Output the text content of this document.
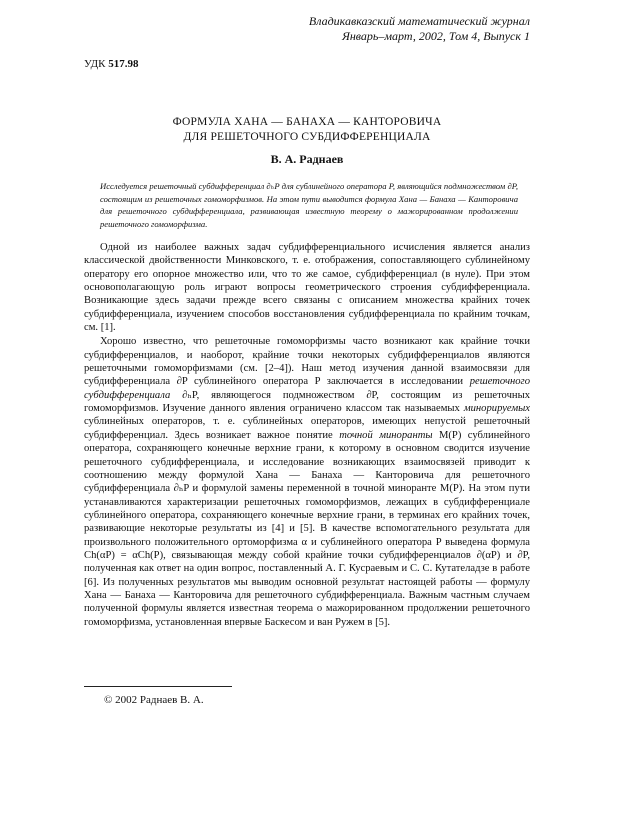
Владикавказский математический журнал
Январь–март, 2002, Том 4, Выпуск 1
УДК 517.98
ФОРМУЛА ХАНА — БАНАХА — КАНТОРОВИЧА
ДЛЯ РЕШЕТОЧНОГО СУБДИФФЕРЕНЦИАЛА
В. А. Раднаев
Исследуется решеточный субдифференциал ∂ₕP для сублинейного оператора P, являющийся подмножеством ∂P, состоящим из решеточных гомоморфизмов. На этом пути выводится формула Хана — Банаха — Канторовича для решеточного субдифференциала, развивающая известную теорему о мажорированном продолжении решеточного гомоморфизма.

Одной из наиболее важных задач субдифференциального исчисления является анализ классической двойственности Минковского, т. е. отображения, сопоставляющего сублинейному оператору его опорное множество или, что то же самое, субдифференциал (в нуле). При этом основополагающую роль играют вопросы геометрического строения субдифференциала. Возникающие здесь задачи прежде всего связаны с описанием множества крайних точек субдифференциала, изучением способов восстановления субдифференциала по крайним точкам, см. [1].

Хорошо известно, что решеточные гомоморфизмы часто возникают как крайние точки субдифференциалов, и наоборот, крайние точки некоторых субдифференциалов являются решеточными гомоморфизмами (см. [2–4]). Наш метод изучения данной взаимосвязи для субдифференциала ∂P сублинейного оператора P заключается в исследовании решеточного субдифференциала ∂ₕP, являющегося подмножеством ∂P, состоящим из решеточных гомоморфизмов. Изучение данного явления ограничено классом так называемых минорируемых сублинейных операторов, т. е. сублинейных операторов, имеющих непустой решеточный субдифференциал. Здесь возникает важное понятие точной миноранты M(P) сублинейного оператора, сохраняющего конечные верхние грани, к которому в основном сводится изучение решеточного субдифференциала, и исследование возникающих взаимосвязей приводит к соотношению между формулой Хана — Банаха — Канторовича для решеточного субдифференциала ∂ₕP и формулой замены переменной в точной миноранте M(P). На этом пути устанавливаются характеризации решеточных гомоморфизмов, лежащих в субдифференциале сублинейного оператора, сохраняющего конечные верхние грани, в терминах его крайних точек, развивающие некоторые результаты из [4] и [5]. В качестве вспомогательного результата для произвольного положительного ортоморфизма α и сублинейного оператора P выведена формула Ch(αP) = αCh(P), связывающая между собой крайние точки субдифференциалов ∂(αP) и ∂P, полученная как ответ на один вопрос, поставленный А. Г. Кусраевым и С. С. Кутателадзе в работе [6]. Из полученных результатов мы выводим основной результат настоящей работы — формулу Хана — Банаха — Канторовича для решеточного субдифференциала. Важным частным случаем полученной формулы является известная теорема о мажорированном продолжении решеточного гомоморфизма, установленная впервые Баскесом и ван Ружем в [5].

© 2002 Раднаев В. А.
